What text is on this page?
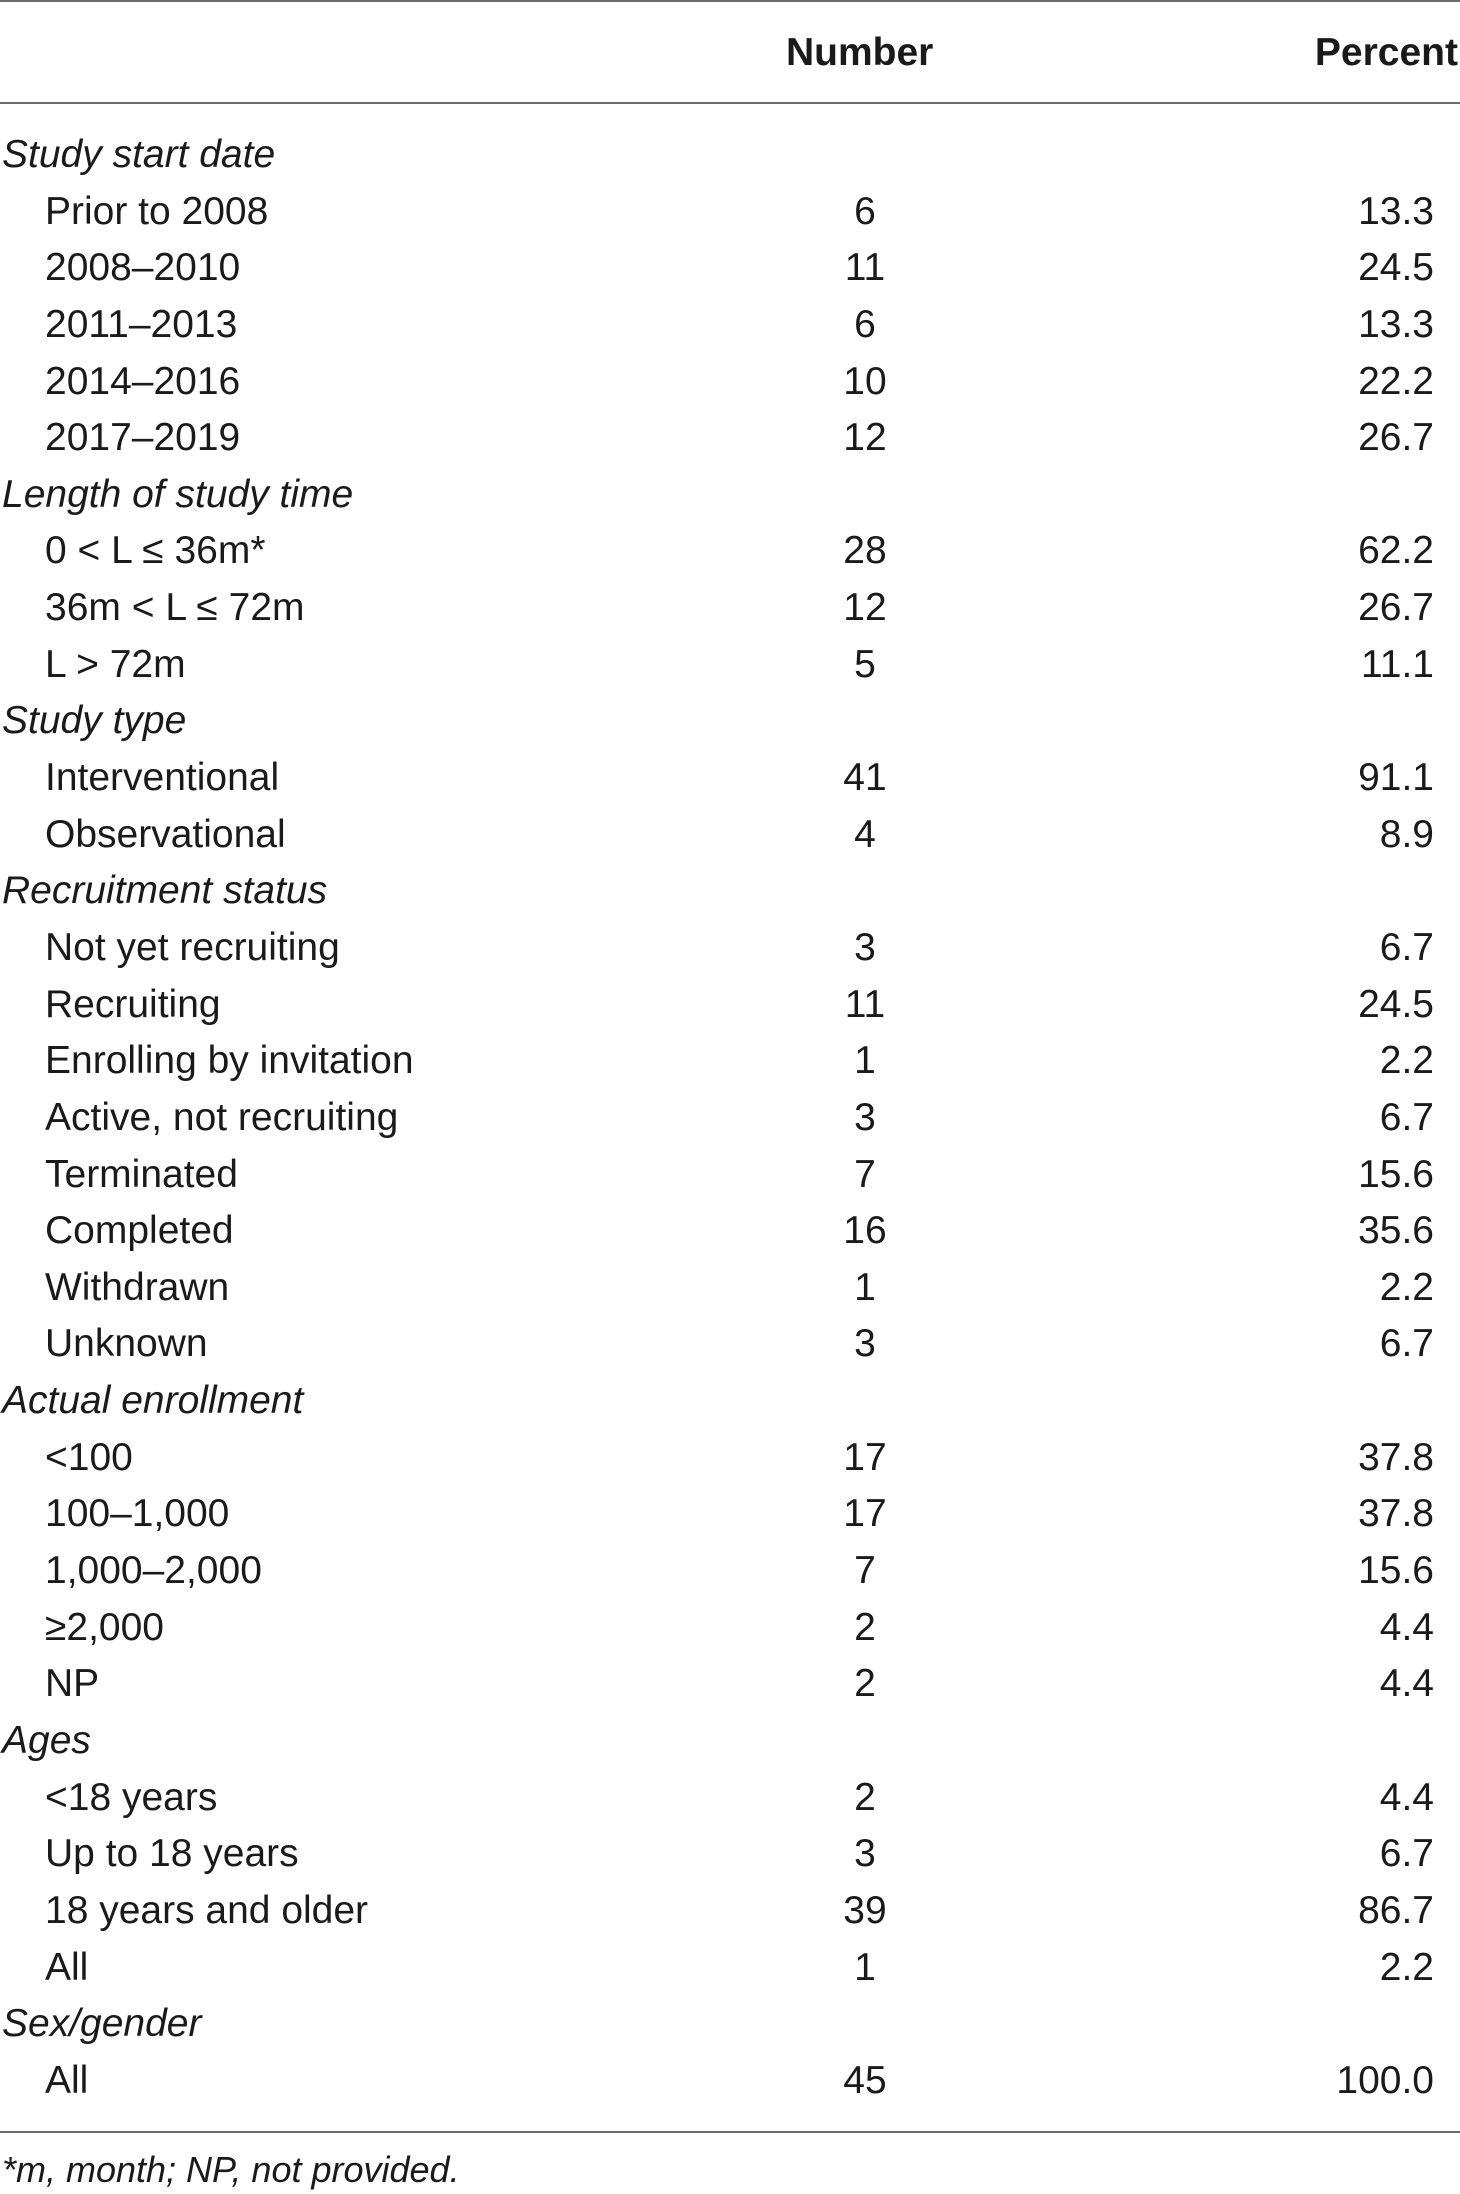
Number	Percent
Study start date
Prior to 2008	6	13.3
2008–2010	11	24.5
2011–2013	6	13.3
2014–2016	10	22.2
2017–2019	12	26.7
Length of study time
0 < L ≤ 36m*	28	62.2
36m < L ≤ 72m	12	26.7
L > 72m	5	11.1
Study type
Interventional	41	91.1
Observational	4	8.9
Recruitment status
Not yet recruiting	3	6.7
Recruiting	11	24.5
Enrolling by invitation	1	2.2
Active, not recruiting	3	6.7
Terminated	7	15.6
Completed	16	35.6
Withdrawn	1	2.2
Unknown	3	6.7
Actual enrollment
<100	17	37.8
100–1,000	17	37.8
1,000–2,000	7	15.6
≥2,000	2	4.4
NP	2	4.4
Ages
<18 years	2	4.4
Up to 18 years	3	6.7
18 years and older	39	86.7
All	1	2.2
Sex/gender
All	45	100.0
*m, month; NP, not provided.
